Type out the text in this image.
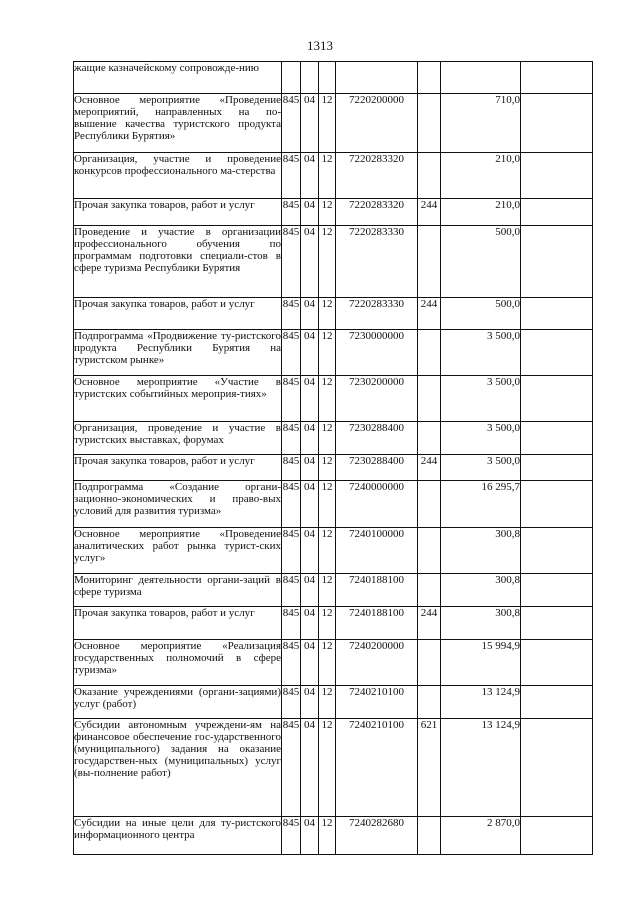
1313
жащие казначейскому сопровожде-нию							
Основное мероприятие «Проведение мероприятий, направленных на по-вышение качества туристского продукта Республики Бурятия»	845	04	12	7220200000		710,0	
Организация, участие и проведение конкурсов профессионального ма-стерства	845	04	12	7220283320		210,0	
Прочая закупка товаров, работ и услуг	845	04	12	7220283320	244	210,0	
Проведение и участие в организации профессионального обучения по программам подготовки специали-стов в сфере туризма Республики Бурятия	845	04	12	7220283330		500,0	
Прочая закупка товаров, работ и услуг	845	04	12	7220283330	244	500,0	
Подпрограмма «Продвижение ту-ристского продукта Республики Бурятия на туристском рынке»	845	04	12	7230000000		3 500,0	
Основное мероприятие «Участие в туристских событийных мероприя-тиях»	845	04	12	7230200000		3 500,0	
Организация, проведение и участие в туристских выставках, форумах	845	04	12	7230288400		3 500,0	
Прочая закупка товаров, работ и услуг	845	04	12	7230288400	244	3 500,0	
Подпрограмма «Создание органи-зационно-экономических и право-вых условий для развития туризма»	845	04	12	7240000000		16 295,7	
Основное мероприятие «Проведение аналитических работ рынка турист-ских услуг»	845	04	12	7240100000		300,8	
Мониторинг деятельности органи-заций в сфере туризма	845	04	12	7240188100		300,8	
Прочая закупка товаров, работ и услуг	845	04	12	7240188100	244	300,8	
Основное мероприятие «Реализация государственных полномочий в сфере туризма»	845	04	12	7240200000		15 994,9	
Оказание учреждениями (органи-зациями) услуг (работ)	845	04	12	7240210100		13 124,9	
Субсидии автономным учреждени-ям на финансовое обеспечение гос-ударственного (муниципального) задания на оказание государствен-ных (муниципальных) услуг (вы-полнение работ)	845	04	12	7240210100	621	13 124,9	
Субсидии на иные цели для ту-ристского информационного центра	845	04	12	7240282680		2 870,0	
